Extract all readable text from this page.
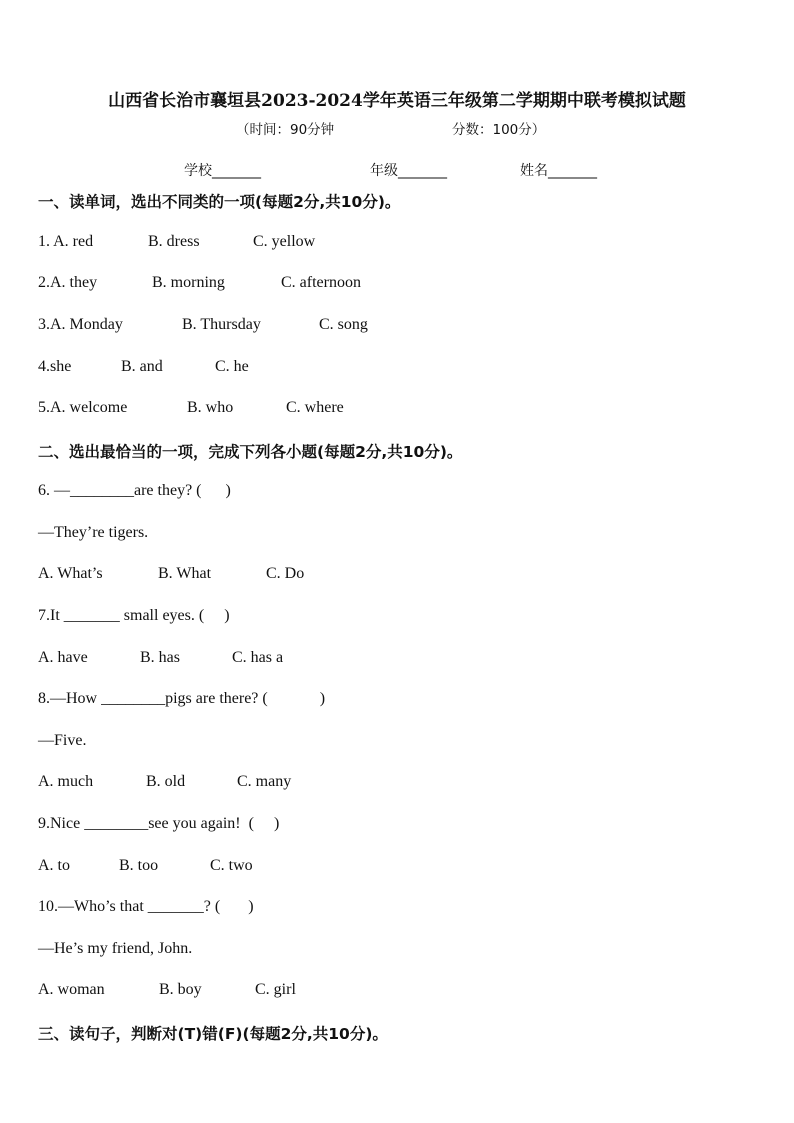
山西省长治市襄垣县2023-2024学年英语三年级第二学期期中联考模拟试题
（时间：90分钟	分数：100分）
学校_______	年级_______	姓名_______
一、读单词，选出不同类的一项(每题2分,共10分)。

1. A. red

	B. dress

	C. yellow

2.A. they

	B. morning

	C. afternoon

3.A. Monday

	B. Thursday

	C. song

4.she

	B. and

	C. he

5.A. welcome

	B. who

	C. where

二、选出最恰当的一项，完成下列各小题(每题2分,共10分)。
6. —________are they? (      )
—They’re tigers.

A. What’s

	B. What

	C. Do

7.It _______ small eyes. (     )

A. have

	B. has

	C. has a

8.—How ________pigs are there? (             )
—Five.

A. much

	B. old

	C. many

9.Nice ________see you again!  (     )

A. to

	B. too

	C. two

10.—Who’s that _______? (       )
—He’s my friend, John.

A. woman

	B. boy

	C. girl

三、读句子，判断对(T)错(F)(每题2分,共10分)。
